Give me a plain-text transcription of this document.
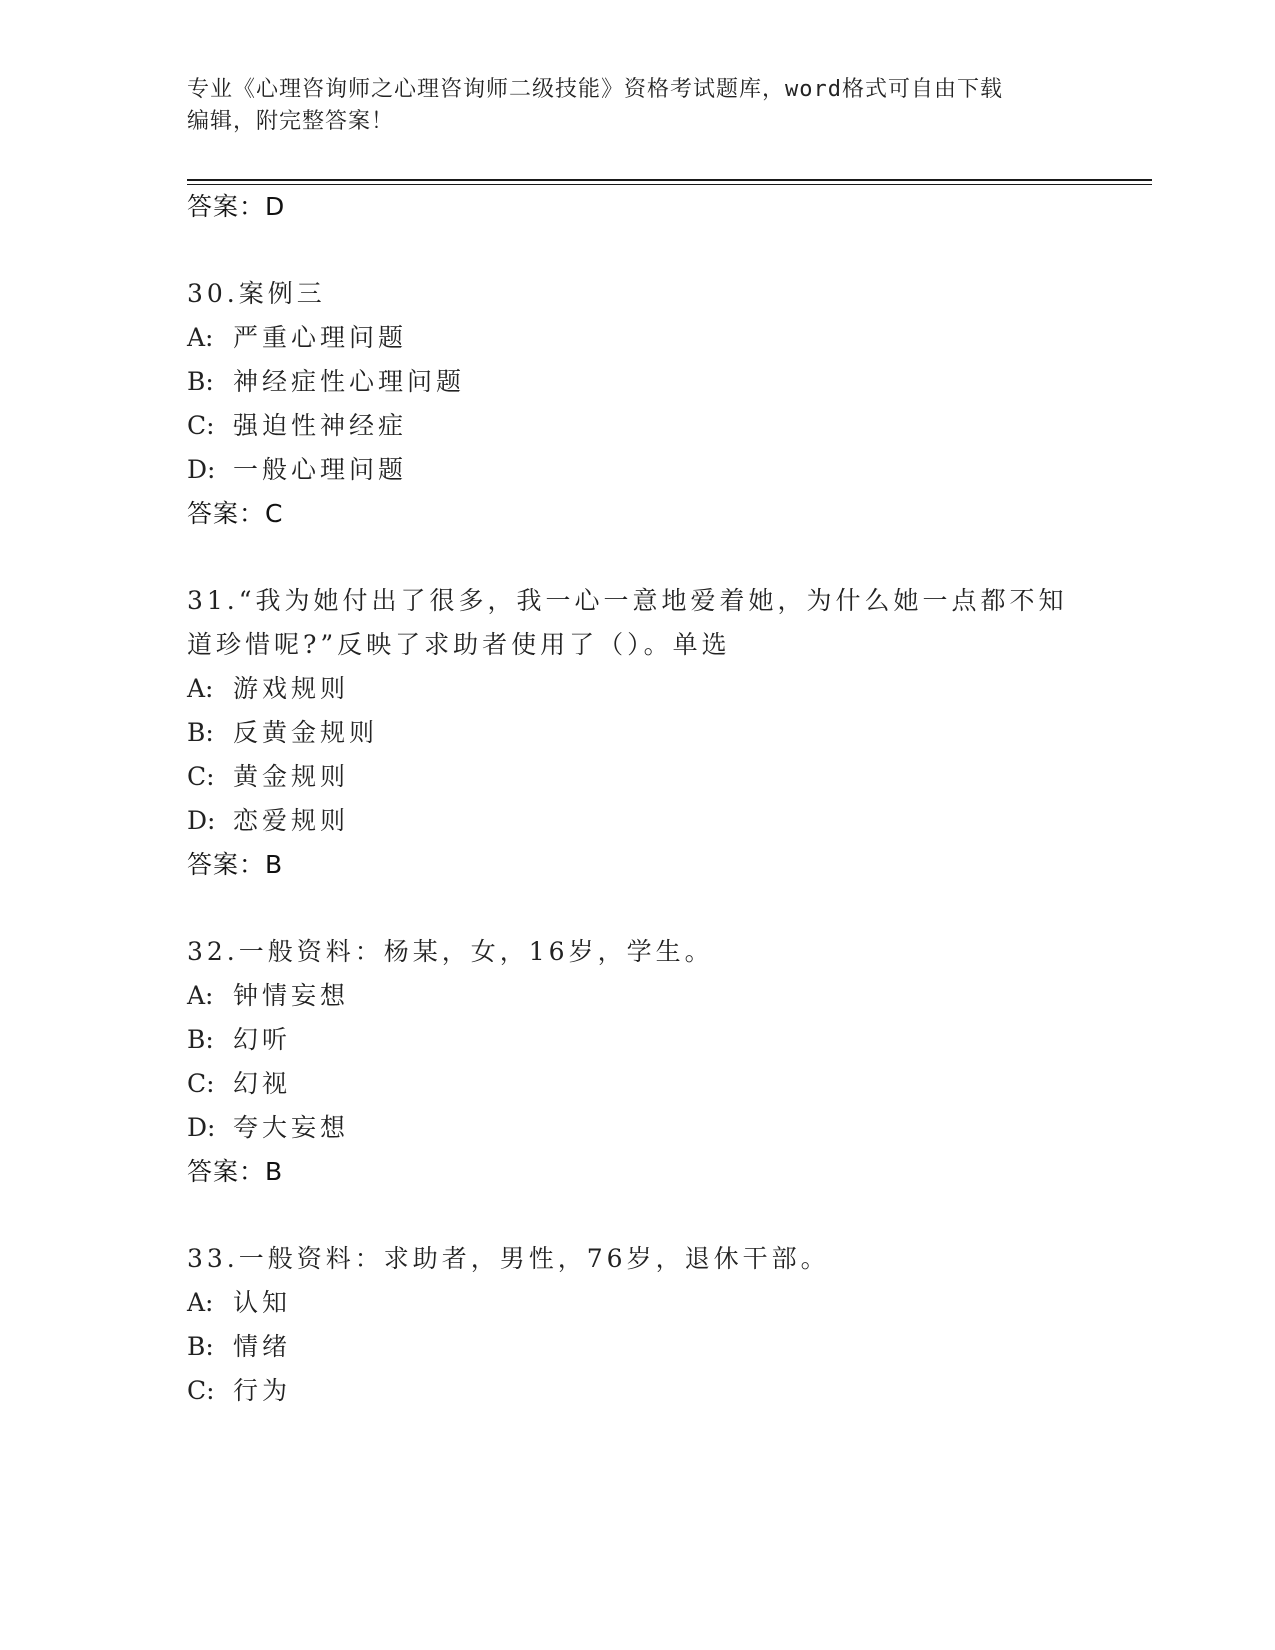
专业《心理咨询师之心理咨询师二级技能》资格考试题库，word格式可自由下载
编辑，附完整答案！
答案：D
30.案例三
A: 严重心理问题
B: 神经症性心理问题
C: 强迫性神经症
D: 一般心理问题
答案：C
31.“我为她付出了很多，我一心一意地爱着她，为什么她一点都不知
道珍惜呢?”反映了求助者使用了（）。单选
A: 游戏规则
B: 反黄金规则
C: 黄金规则
D: 恋爱规则
答案：B
32.一般资料：杨某，女，16岁，学生。
A: 钟情妄想
B: 幻听
C: 幻视
D: 夸大妄想
答案：B
33.一般资料：求助者，男性，76岁，退休干部。
A: 认知
B: 情绪
C: 行为
